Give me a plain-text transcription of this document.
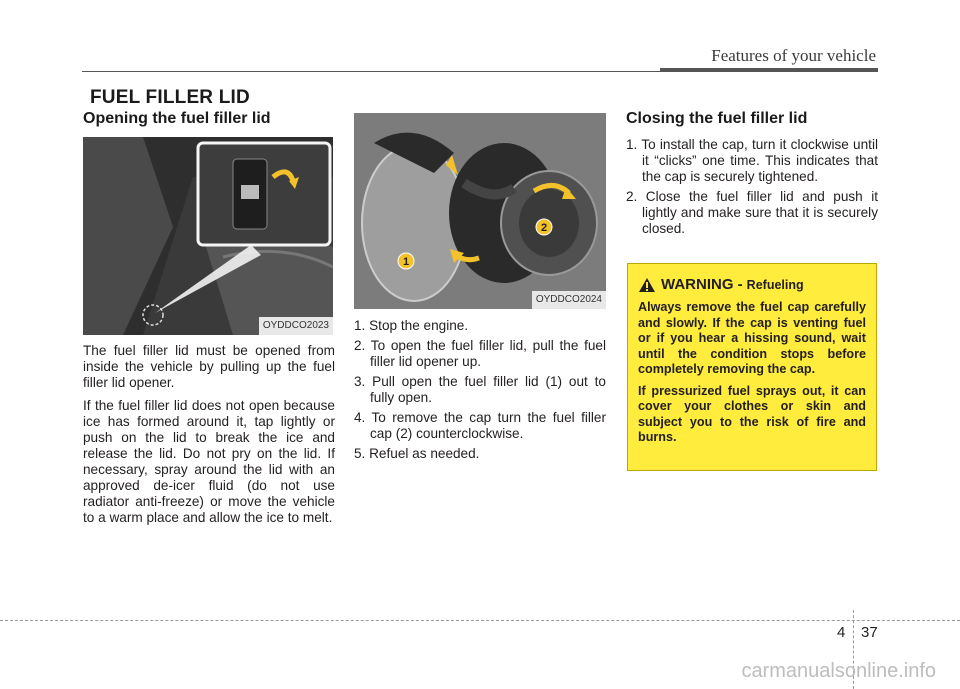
Features of your vehicle
FUEL FILLER LID
Opening the fuel filler lid
OYDDCO2023

The fuel filler lid must be opened from inside the vehicle by pulling up the fuel filler lid opener.

If the fuel filler lid does not open because ice has formed around it, tap lightly or push on the lid to break the ice and release the lid. Do not pry on the lid. If necessary, spray around the lid with an approved de-icer fluid (do not use radiator anti-freeze) or move the vehicle to a warm place and allow the ice to melt.

1
2
OYDDCO2024
1. Stop the engine.
2. To open the fuel filler lid, pull the fuel filler lid opener up.
3. Pull open the fuel filler lid (1) out to fully open.
4. To remove the cap turn the fuel filler cap (2) counterclockwise.
5. Refuel as needed.
Closing the fuel filler lid
1. To install the cap, turn it clockwise until it “clicks” one time. This indicates that the cap is securely tightened.
2. Close the fuel filler lid and push it lightly and make sure that it is securely closed.
WARNING - Refueling

Always remove the fuel cap carefully and slowly. If the cap is venting fuel or if you hear a hissing sound, wait until the condition stops before completely removing the cap.

If pressurized fuel sprays out, it can cover your clothes or skin and subject you to the risk of fire and burns.

4 37
carmanualsonline.info
